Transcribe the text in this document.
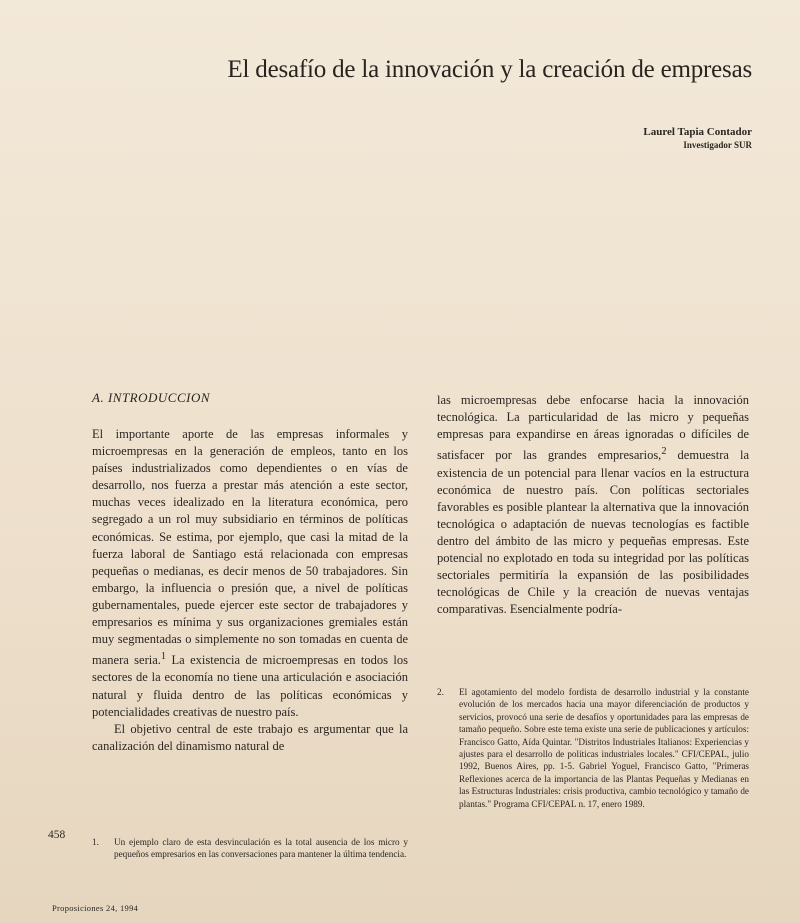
El desafío de la innovación y la creación de empresas
Laurel Tapia Contador
Investigador SUR
A. INTRODUCCION

El importante aporte de las empresas informales y microempresas en la generación de empleos, tanto en los países industrializados como dependientes o en vías de desarrollo, nos fuerza a prestar más atención a este sector, muchas veces idealizado en la literatura económica, pero segregado a un rol muy subsidiario en términos de políticas económicas. Se estima, por ejemplo, que casi la mitad de la fuerza laboral de Santiago está relacionada con empresas pequeñas o medianas, es decir menos de 50 trabajadores. Sin embargo, la influencia o presión que, a nivel de políticas gubernamentales, puede ejercer este sector de trabajadores y empresarios es mínima y sus organizaciones gremiales están muy segmentadas o simplemente no son tomadas en cuenta de manera seria.$^1$ La existencia de microempresas en todos los sectores de la economía no tiene una articulación e asociación natural y fluida dentro de las políticas económicas y potencialidades creativas de nuestro país.

El objetivo central de este trabajo es argumentar que la canalización del dinamismo natural de

las microempresas debe enfocarse hacia la innovación tecnológica. La particularidad de las micro y pequeñas empresas para expandirse en áreas ignoradas o difíciles de satisfacer por las grandes empresarios,$^2$ demuestra la existencia de un potencial para llenar vacíos en la estructura económica de nuestro país. Con políticas sectoriales favorables es posible plantear la alternativa que la innovación tecnológica o adaptación de nuevas tecnologías es factible dentro del ámbito de las micro y pequeñas empresas. Este potencial no explotado en toda su integridad por las políticas sectoriales permitiría la expansión de las posibilidades tecnológicas de Chile y la creación de nuevas ventajas comparativas. Esencialmente podría-

2. El agotamiento del modelo fordista de desarrollo industrial y la constante evolución de los mercados hacia una mayor diferenciación de productos y servicios, provocó una serie de desafíos y oportunidades para las empresas de tamaño pequeño. Sobre este tema existe una serie de publicaciones y artículos: Francisco Gatto, Aída Quintar. "Distritos Industriales Italianos: Experiencias y ajustes para el desarrollo de políticas industriales locales." CFI/CEPAL, julio 1992, Buenos Aires, pp. 1-5. Gabriel Yoguel, Francisco Gatto, "Primeras Reflexiones acerca de la importancia de las Plantas Pequeñas y Medianas en las Estructuras Industriales: crisis productiva, cambio tecnológico y tamaño de plantas." Programa CFI/CEPAL n. 17, enero 1989.
1. Un ejemplo claro de esta desvinculación es la total ausencia de los micro y pequeños empresarios en las conversaciones para mantener la última tendencia.
458
Proposiciones 24, 1994
